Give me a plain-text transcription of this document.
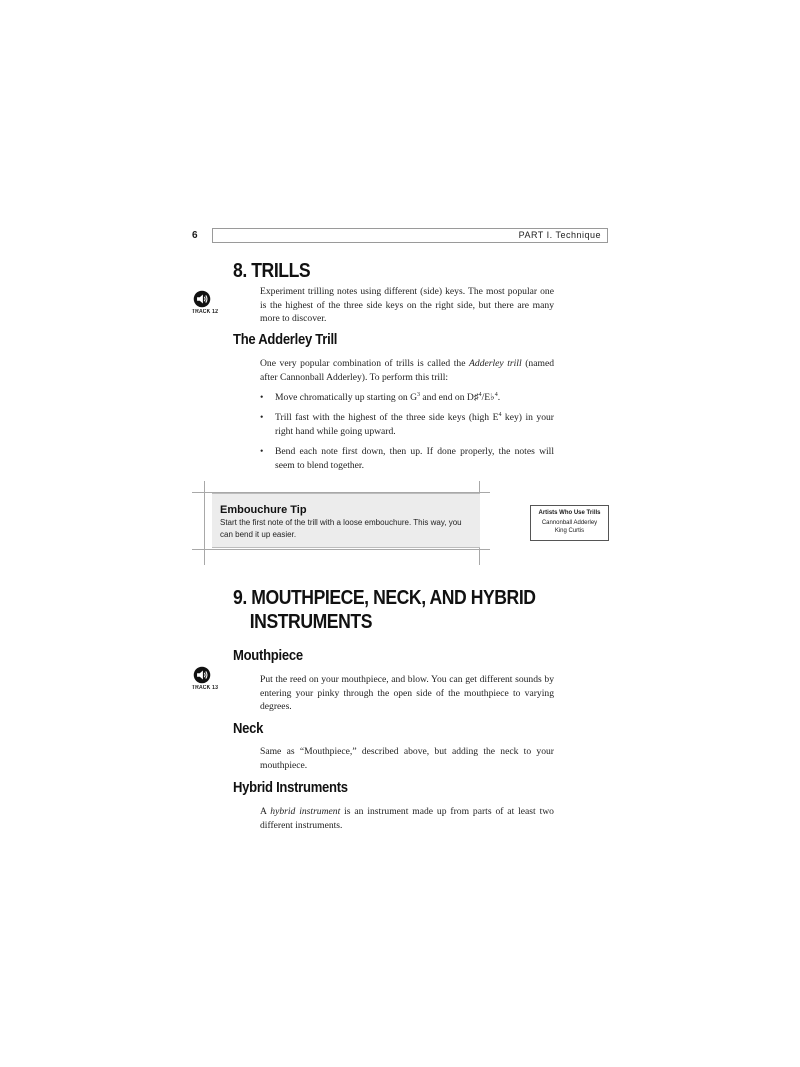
6	PART I. Technique
8. TRILLS
TRACK 12

Experiment trilling notes using different (side) keys. The most popular one is the highest of the three side keys on the right side, but there are many more to discover.

The Adderley Trill

One very popular combination of trills is called the Adderley trill (named after Cannonball Adderley). To perform this trill:

• Move chromatically up starting on $G^3$ and end on D♯$^4$/E♭$^4$.
• Trill fast with the highest of the three side keys (high $E^4$ key) in your right hand while going upward.
• Bend each note first down, then up. If done properly, the notes will seem to blend together.
Embouchure Tip
Start the first note of the trill with a loose embouchure. This way, you can bend it up easier.
Artists Who Use Trills
Cannonball Adderley
King Curtis
9. MOUTHPIECE, NECK, AND HYBRID
INSTRUMENTS
Mouthpiece
TRACK 13

Put the reed on your mouthpiece, and blow. You can get different sounds by entering your pinky through the open side of the mouthpiece to varying degrees.

Neck

Same as “Mouthpiece,” described above, but adding the neck to your mouthpiece.

Hybrid Instruments

A hybrid instrument is an instrument made up from parts of at least two different instruments.
